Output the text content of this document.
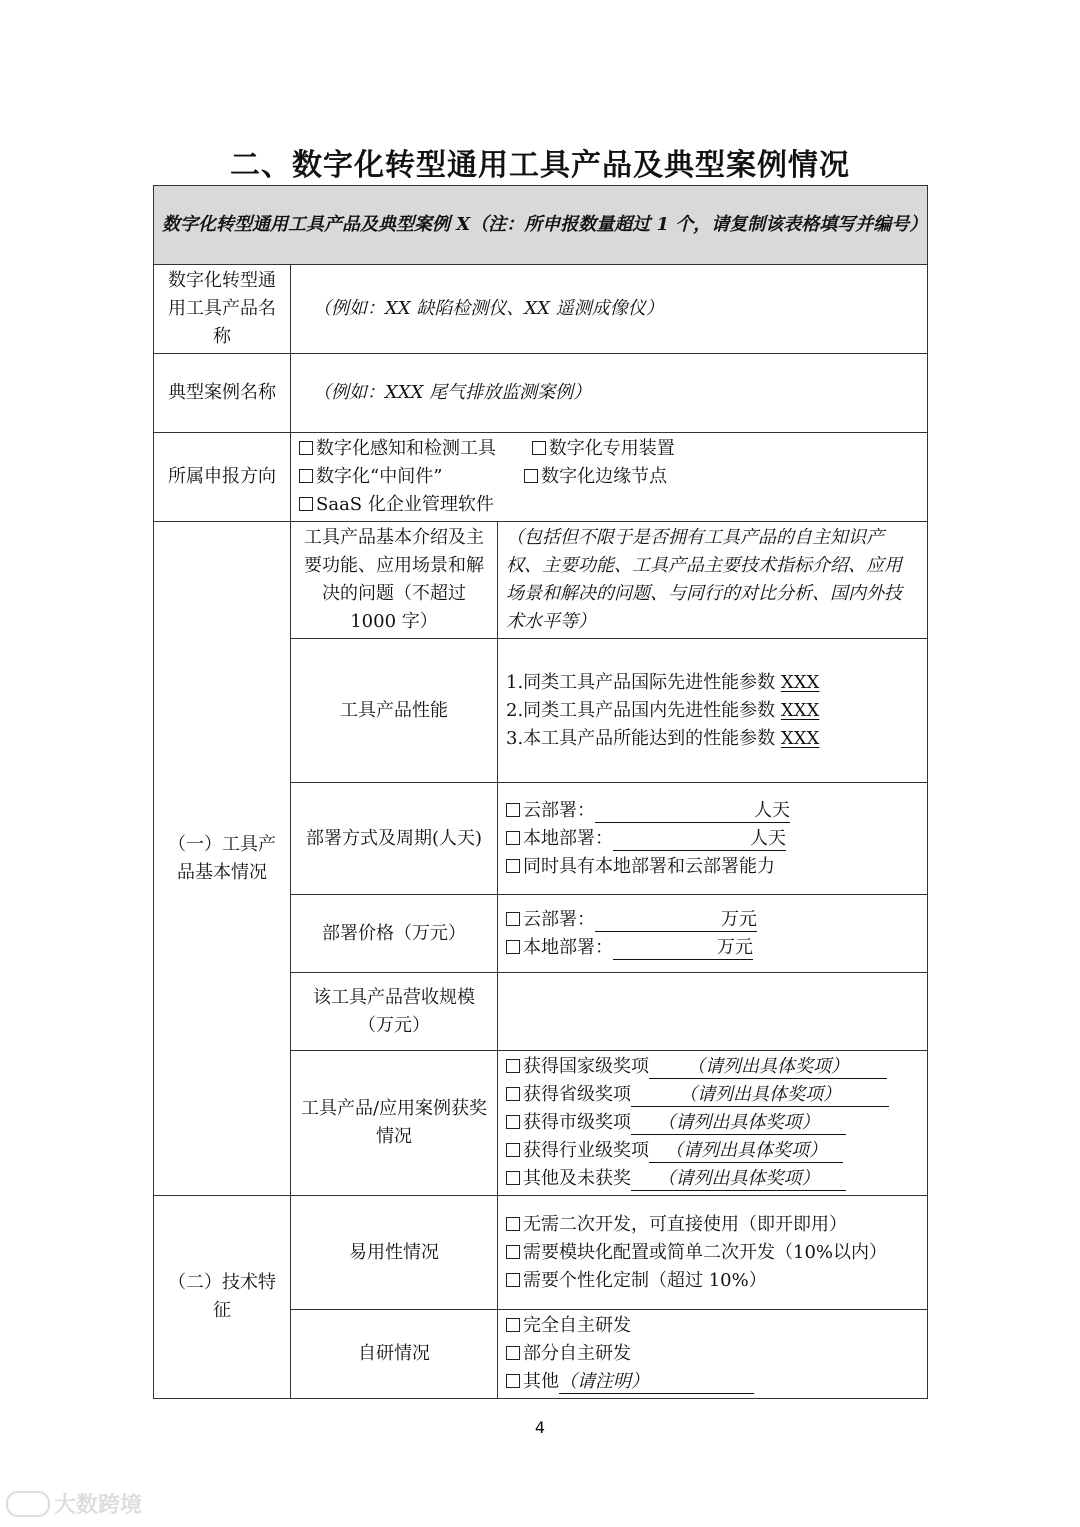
二、数字化转型通用工具产品及典型案例情况
数字化转型通用工具产品及典型案例 X（注：所申报数量超过 1 个，请复制该表格填写并编号）		
数字化转型通用工具产品名称	（例如：XX 缺陷检测仪、XX 遥测成像仪）	
典型案例名称	（例如：XXX 尾气排放监测案例）	
所属申报方向	数字化感知和检测工具 数字化专用装置
数字化“中间件” 数字化边缘节点
SaaS 化企业管理软件	

（一）工具产品基本情况	工具产品基本介绍及主要功能、应用场景和解决的问题（不超过 1000 字）	（包括但不限于是否拥有工具产品的自主知识产权、主要功能、工具产品主要技术指标介绍、应用场景和解决的问题、与同行的对比分析、国内外技术水平等）
	工具产品性能	1.同类工具产品国际先进性能参数 XXX
2.同类工具产品国内先进性能参数 XXX
3.本工具产品所能达到的性能参数 XXX

	部署方式及周期(人天)	云部署： 人天
本地部署： 人天
同时具有本地部署和云部署能力

	部署价格（万元）	云部署： 万元
本地部署： 万元

	该工具产品营收规模（万元）	
	工具产品/应用案例获奖情况	获得国家级奖项 （请列出具体奖项）
获得省级奖项 （请列出具体奖项）
获得市级奖项 （请列出具体奖项）
获得行业级奖项 （请列出具体奖项）
其他及未获奖 （请列出具体奖项）

（二）技术特征	易用性情况	无需二次开发，可直接使用（即开即用）
需要模块化配置或简单二次开发（10%以内）
需要个性化定制（超过 10%）

	自研情况	完全自主研发
部分自主研发
其他（请注明）
4
大数跨境
